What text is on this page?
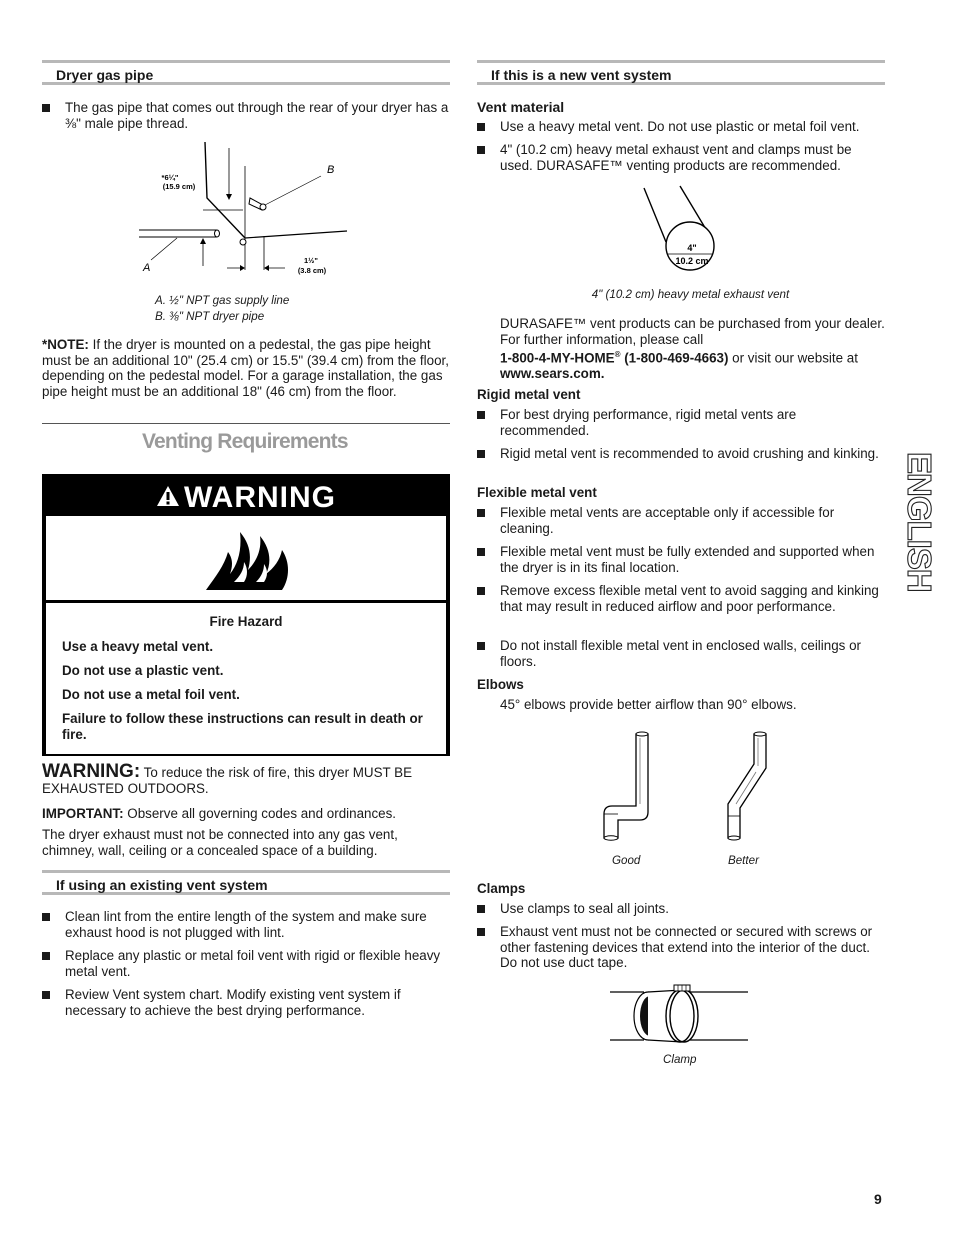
Dryer gas pipe
The gas pipe that comes out through the rear of your dryer has a ⅜" male pipe thread.
*6¼"
(15.9 cm)
1½"
(3.8 cm)
A
B
A. ½" NPT gas supply line
B. ⅜" NPT dryer pipe
*NOTE: If the dryer is mounted on a pedestal, the gas pipe height must be an additional 10" (25.4 cm) or 15.5" (39.4 cm) from the floor, depending on the pedestal model. For a garage installation, the gas pipe height must be an additional 18" (46 cm) from the floor.
Venting Requirements
WARNING
Fire Hazard
Use a heavy metal vent.
Do not use a plastic vent.
Do not use a metal foil vent.
Failure to follow these instructions can result in death or fire.
WARNING: To reduce the risk of fire, this dryer MUST BE EXHAUSTED OUTDOORS.
IMPORTANT: Observe all governing codes and ordinances.
The dryer exhaust must not be connected into any gas vent, chimney, wall, ceiling or a concealed space of a building.
If using an existing vent system
Clean lint from the entire length of the system and make sure exhaust hood is not plugged with lint.
Replace any plastic or metal foil vent with rigid or flexible heavy metal vent.
Review Vent system chart. Modify existing vent system if necessary to achieve the best drying performance.
If this is a new vent system
Vent material
Use a heavy metal vent. Do not use plastic or metal foil vent.
4" (10.2 cm) heavy metal exhaust vent and clamps must be used. DURASAFE™ venting products are recommended.
4"
10.2 cm
4" (10.2 cm) heavy metal exhaust vent
DURASAFE™ vent products can be purchased from your dealer. For further information, please call
1-800-4-MY-HOME® (1-800-469-4663) or visit our website at
www.sears.com.
Rigid metal vent
For best drying performance, rigid metal vents are recommended.
Rigid metal vent is recommended to avoid crushing and kinking.
Flexible metal vent
Flexible metal vents are acceptable only if accessible for cleaning.
Flexible metal vent must be fully extended and supported when the dryer is in its final location.
Remove excess flexible metal vent to avoid sagging and kinking that may result in reduced airflow and poor performance.
Do not install flexible metal vent in enclosed walls, ceilings or floors.
Elbows
45° elbows provide better airflow than 90° elbows.
Good	Better
Clamps
Use clamps to seal all joints.
Exhaust vent must not be connected or secured with screws or other fastening devices that extend into the interior of the duct. Do not use duct tape.
Clamp
ENGLISH
9
